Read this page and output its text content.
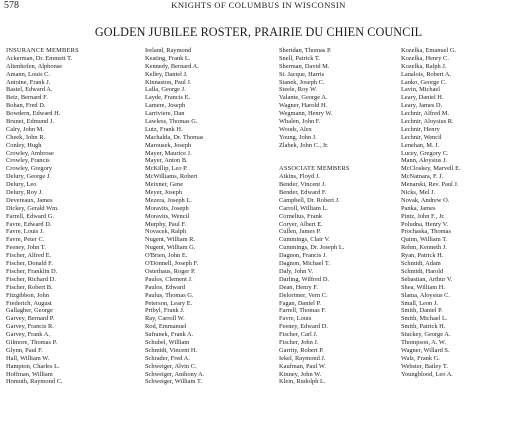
578	KNIGHTS OF COLUMBUS IN WISCONSIN
GOLDEN JUBILEE ROSTER, PRAIRIE DU CHIEN COUNCIL
INSURANCE MEMBERS
Ackerman, Dr. Emmett T.
Altenhofen, Alphonse
Amann, Louis C.
Antoine, Frank J.
Bastel, Edward A.
Betz, Bernard F.
Bohan, Fred D.
Bowdern, Edward H.
Brunet, Edmund J.
Calry, John M.
Cheek, John R.
Conley, Hugh
Crowley, Ambrose
Crowley, Francis
Crowley, Gregory
Delury, George J.
Delury, Leo
Delury, Roy J.
Devereaux, James
Dickey, Gerald Wm.
Farrell, Edward G.
Favre, Edward D.
Favre, Louis J.
Favre, Peter C.
Feeney, John T.
Fischer, Alfred E.
Fischer, Donald F.
Fischer, Franklin D.
Fischer, Richard D.
Fischer, Robert B.
Fitzgibbon, John
Frederich, August
Gallagher, George
Garvey, Bernard P.
Garvey, Francis R.
Garvey, Frank A.
Gilmore, Thomas P.
Glynn, Paul F.
Hall, William W.
Hampton, Charles L.
Hoffman, William
Homuth, Raymond C.
Ireland, Raymond
Keating, Frank L.
Kennedy, Bernard A.
Kelley, Daniel J.
Kinnaston, Paul J.
Lalla, George J.
Layde, Francis E.
Lamere, Joseph
Larriviere, Dan
Lawless, Thomas G.
Lutz, Frank H.
Machalda, Dr. Thomas
Marousek, Joseph
Mayer, Maurice J.
Mayer, Anton B.
McKillip, Leo P.
McWilliams, Robert
Meixner, Gene
Meyer, Joseph
Mezera, Joseph L.
Moravits, Joseph
Moravits, Wencil
Murphy, Paul F.
Novacek, Ralph
Nugent, William R.
Nugent, William G.
O'Brien, John E.
O'Donnell, Joseph F.
Osterhaus, Roger P.
Paulos, Clement J.
Paulos, Edward
Paulus, Thomas G.
Peterson, Leary E.
Pribyl, Frank J.
Ray, Carroll W.
Rod, Emmanuel
Safranek, Frank A.
Schubel, William
Schmidt, Vincent H.
Schrader, Fred A.
Schweiger, Alvin C.
Schweiger, Anthony A.
Schweiger, William T.
Sheridan, Thomas P.
Snell, Patrick T.
Sherman, David M.
St. Jacque, Harris
Stanek, Joseph C.
Steele, Roy W.
Valante, George A.
Wagner, Harold H.
Wegmann, Henry W.
Whalen, John F.
Woods, Alex
Young, John J.
Zlabek, John C., Jr.
ASSOCIATE MEMBERS
Atkins, Floyd J.
Bender, Vincent J.
Bender, Edward F.
Campbell, Dr. Robert J.
Carroll, William L.
Cornelius, Frank
Coryer, Albert E.
Cullen, James P.
Cummings, Clair V.
Cummings, Dr. Joseph L.
Dagnon, Francis J.
Dagnon, Michael T.
Daly, John V.
Darling, Wilfred D.
Dean, Henry F.
Delorimer, Vern C.
Fagan, Daniel P.
Farrell, Thomas F.
Favre, Louis
Feeney, Edward D.
Fischer, Carl J.
Fischer, John J.
Garrity, Robert P.
Iekel, Raymond J.
Kaufman, Paul W.
Kinney, John W.
Klein, Rudolph L.
Kozelka, Emanuel G.
Kozelka, Henry C.
Kozelka, Ralph J.
Lanalois, Robert A.
Lanko, George C.
Lavin, Michael
Leary, Daniel H.
Leary, James D.
Lechnir, Alfred M.
Lechnir, Aloysius R.
Lechnir, Henry
Lechnir, Wencil
Lenehan, M. J.
Lucey, Gregory C.
Mann, Aloysius J.
McCloskey, Marvell E.
McNamara, F. J.
Menarski, Rev. Paul J.
Nicks, Mel J.
Novak, Andrew O.
Panka, James
Pintz, John F., Jr.
Poludna, Henry V.
Prochaska, Thomas
Quinn, William T.
Rehm, Kenneth J.
Ryan, Patrick H.
Schmidt, Adam
Schmidt, Harold
Sebastian, Arthur V.
Shea, William H.
Slama, Aloysius C.
Small, Leon J.
Smith, Daniel P.
Smith, Michael L.
Smith, Patrick H.
Stuckey, George A.
Thompson, A. W.
Wagner, Willard S.
Walz, Frank G.
Webster, Bailey T.
Youngblood, Leo A.
